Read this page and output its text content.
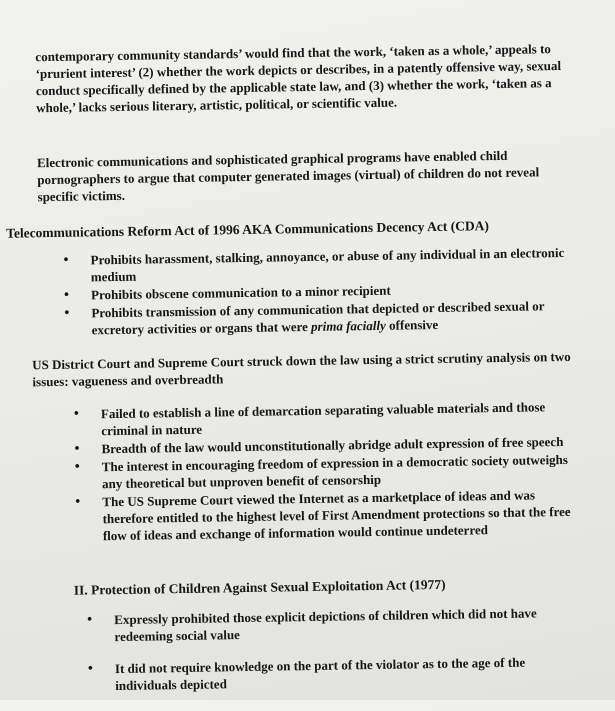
contemporary community standards’ would find that the work, ‘taken as a whole,’ appeals to ‘prurient interest’ (2) whether the work depicts or describes, in a patently offensive way, sexual conduct specifically defined by the applicable state law, and (3) whether the work, ‘taken as a whole,’ lacks serious literary, artistic, political, or scientific value.
Electronic communications and sophisticated graphical programs have enabled child pornographers to argue that computer generated images (virtual) of children do not reveal specific victims.
Telecommunications Reform Act of 1996 AKA Communications Decency Act (CDA)
• Prohibits harassment, stalking, annoyance, or abuse of any individual in an electronic medium
• Prohibits obscene communication to a minor recipient
• Prohibits transmission of any communication that depicted or described sexual or excretory activities or organs that were prima facially offensive
US District Court and Supreme Court struck down the law using a strict scrutiny analysis on two issues: vagueness and overbreadth
• Failed to establish a line of demarcation separating valuable materials and those criminal in nature
• Breadth of the law would unconstitutionally abridge adult expression of free speech
• The interest in encouraging freedom of expression in a democratic society outweighs any theoretical but unproven benefit of censorship
• The US Supreme Court viewed the Internet as a marketplace of ideas and was therefore entitled to the highest level of First Amendment protections so that the free flow of ideas and exchange of information would continue undeterred
II. Protection of Children Against Sexual Exploitation Act (1977)
• Expressly prohibited those explicit depictions of children which did not have redeeming social value
• It did not require knowledge on the part of the violator as to the age of the individuals depicted
